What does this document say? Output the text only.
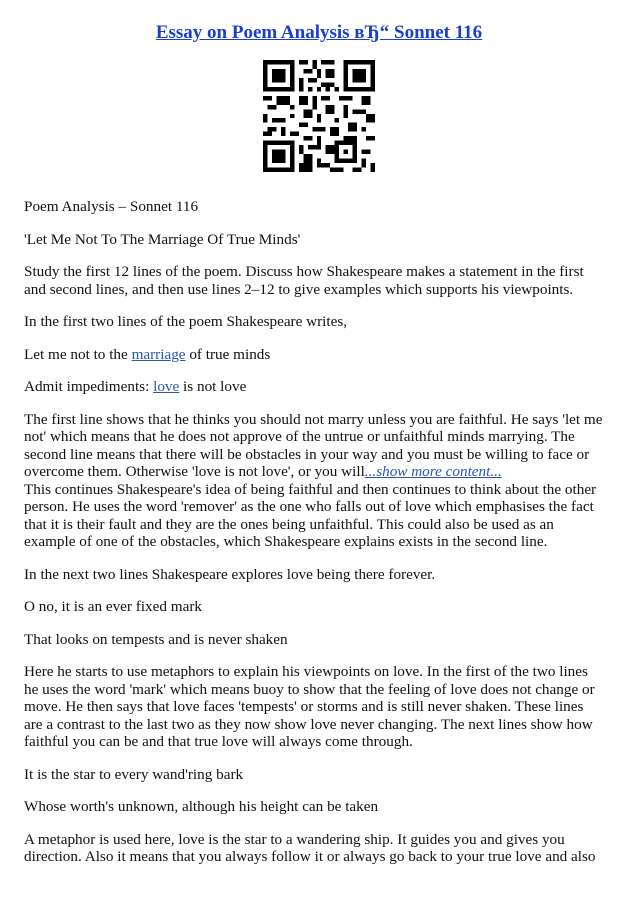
Essay on Poem Analysis вЂ“ Sonnet 116

Poem Analysis – Sonnet 116

'Let Me Not To The Marriage Of True Minds'

Study the first 12 lines of the poem. Discuss how Shakespeare makes a statement in the first and second lines, and then use lines 2–12 to give examples which supports his viewpoints.

In the first two lines of the poem Shakespeare writes,

Let me not to the marriage of true minds

Admit impediments: love is not love

The first line shows that he thinks you should not marry unless you are faithful. He says 'let me not' which means that he does not approve of the untrue or unfaithful minds marrying. The second line means that there will be obstacles in your way and you must be willing to face or overcome them. Otherwise 'love is not love', or you will...show more content...

This continues Shakespeare's idea of being faithful and then continues to think about the other person. He uses the word 'remover' as the one who falls out of love which emphasises the fact that it is their fault and they are the ones being unfaithful. This could also be used as an example of one of the obstacles, which Shakespeare explains exists in the second line.

In the next two lines Shakespeare explores love being there forever.

O no, it is an ever fixed mark

That looks on tempests and is never shaken

Here he starts to use metaphors to explain his viewpoints on love. In the first of the two lines he uses the word 'mark' which means buoy to show that the feeling of love does not change or move. He then says that love faces 'tempests' or storms and is still never shaken. These lines are a contrast to the last two as they now show love never changing. The next lines show how faithful you can be and that true love will always come through.

It is the star to every wand'ring bark

Whose worth's unknown, although his height can be taken

A metaphor is used here, love is the star to a wandering ship. It guides you and gives you direction. Also it means that you always follow it or always go back to your true love and also
